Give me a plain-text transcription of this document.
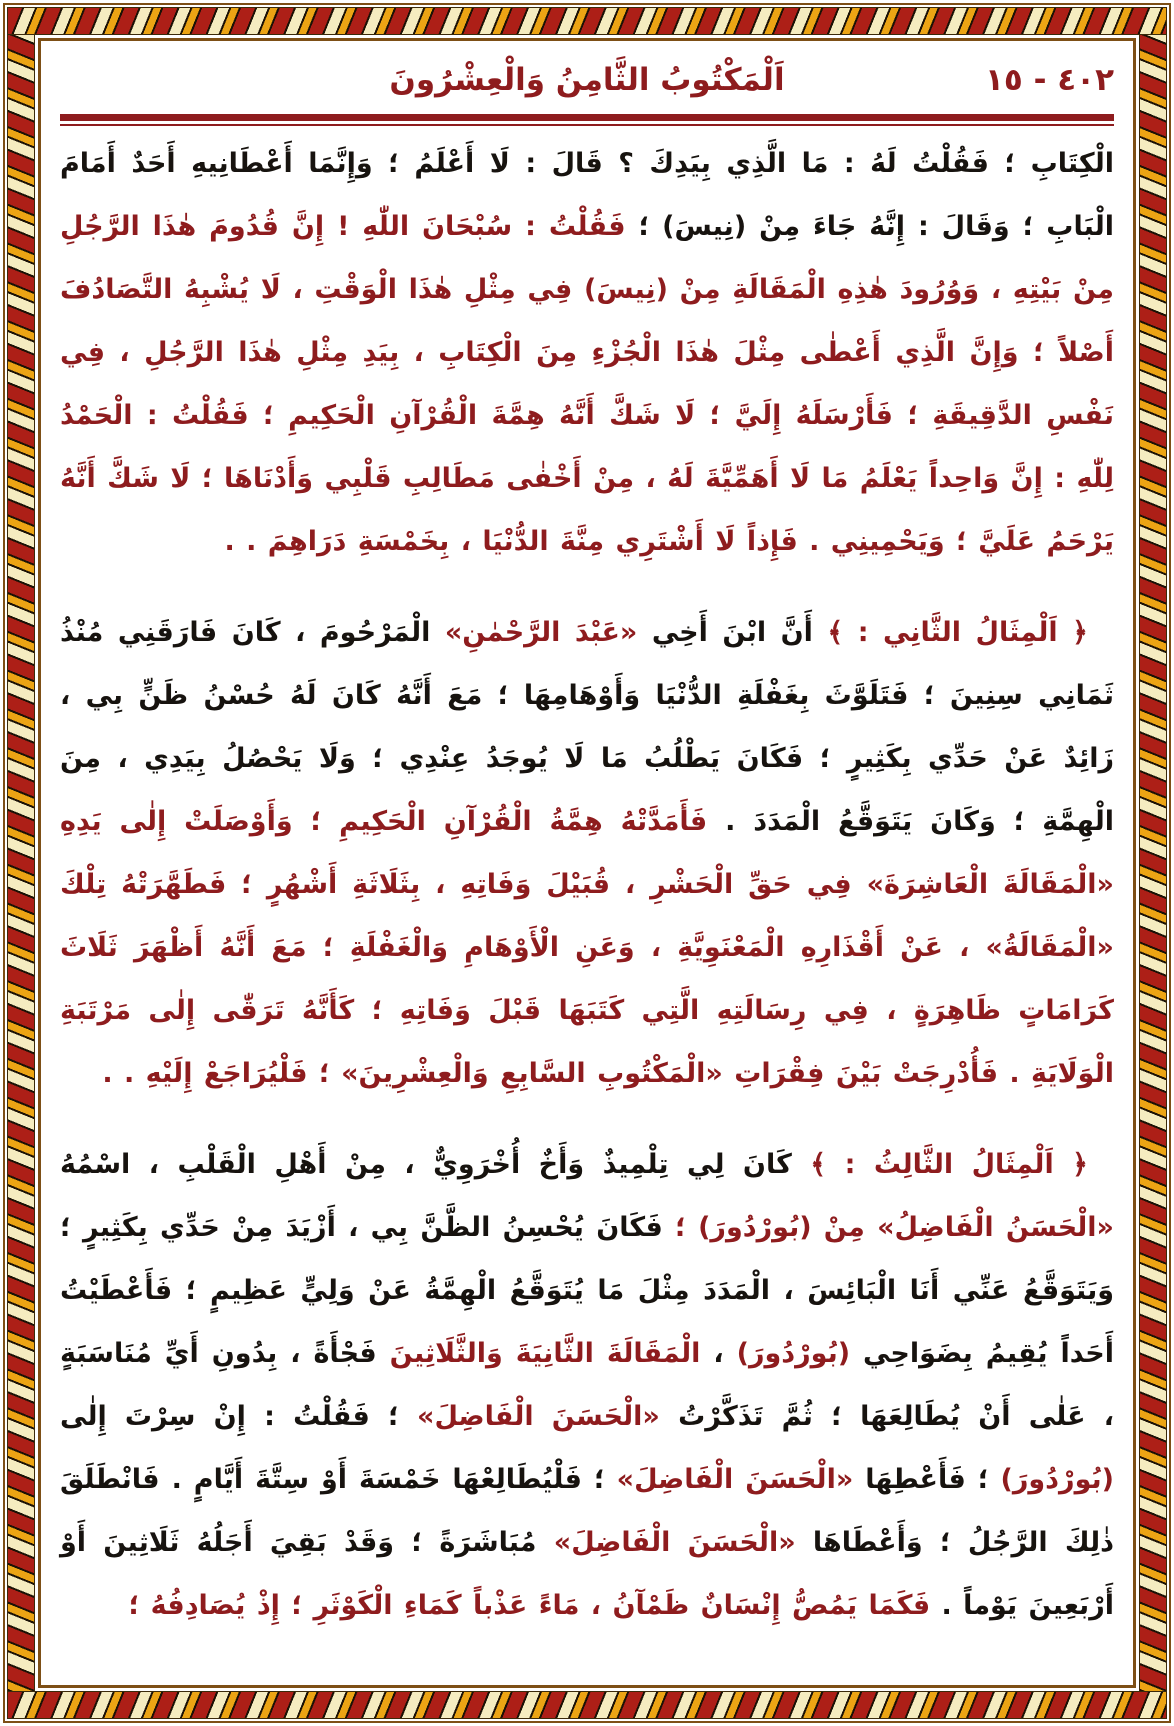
٤٠٢ - ١٥
اَلْمَكْتُوبُ الثَّامِنُ وَالْعِشْرُونَ

الْكِتَابِ ؛ فَقُلْتُ لَهُ : مَا الَّذِي بِيَدِكَ ؟ قَالَ : لَا أَعْلَمُ ؛ وَإِنَّمَا أَعْطَانِيهِ أَحَدٌ أَمَامَ الْبَابِ ؛ وَقَالَ : إِنَّهُ جَاءَ مِنْ (نِيسَ) ؛ فَقُلْتُ : سُبْحَانَ اللّٰهِ ! إِنَّ قُدُومَ هٰذَا الرَّجُلِ مِنْ بَيْتِهِ ، وَوُرُودَ هٰذِهِ الْمَقَالَةِ مِنْ (نِيسَ) فِي مِثْلِ هٰذَا الْوَقْتِ ، لَا يُشْبِهُ التَّصَادُفَ أَصْلاً ؛ وَإِنَّ الَّذِي أَعْطٰى مِثْلَ هٰذَا الْجُزْءِ مِنَ الْكِتَابِ ، بِيَدِ مِثْلِ هٰذَا الرَّجُلِ ، فِي نَفْسِ الدَّقِيقَةِ ؛ فَأَرْسَلَهُ إِلَيَّ ؛ لَا شَكَّ أَنَّهُ هِمَّةَ الْقُرْآنِ الْحَكِيمِ ؛ فَقُلْتُ : الْحَمْدُ لِلّٰهِ : إِنَّ وَاحِداً يَعْلَمُ مَا لَا أَهَمِّيَّةَ لَهُ ، مِنْ أَخْفٰى مَطَالِبِ قَلْبِي وَأَدْنَاهَا ؛ لَا شَكَّ أَنَّهُ يَرْحَمُ عَلَيَّ ؛ وَيَحْمِينِي . فَإِذاً لَا أَشْتَرِي مِنَّةَ الدُّنْيَا ، بِخَمْسَةِ دَرَاهِمَ . .

﴿ اَلْمِثَالُ الثَّانِي : ﴾ أَنَّ ابْنَ أَخِي «عَبْدَ الرَّحْمٰنِ» الْمَرْحُومَ ، كَانَ فَارَقَنِي مُنْذُ ثَمَانِي سِنِينَ ؛ فَتَلَوَّثَ بِغَفْلَةِ الدُّنْيَا وَأَوْهَامِهَا ؛ مَعَ أَنَّهُ كَانَ لَهُ حُسْنُ ظَنٍّ بِي ، زَائِدٌ عَنْ حَدِّي بِكَثِيرٍ ؛ فَكَانَ يَطْلُبُ مَا لَا يُوجَدُ عِنْدِي ؛ وَلَا يَحْصُلُ بِيَدِي ، مِنَ الْهِمَّةِ ؛ وَكَانَ يَتَوَقَّعُ الْمَدَدَ . فَأَمَدَّتْهُ هِمَّةُ الْقُرْآنِ الْحَكِيمِ ؛ وَأَوْصَلَتْ إِلٰى يَدِهِ «الْمَقَالَةَ الْعَاشِرَةَ» فِي حَقِّ الْحَشْرِ ، قُبَيْلَ وَفَاتِهِ ، بِثَلَاثَةِ أَشْهُرٍ ؛ فَطَهَّرَتْهُ تِلْكَ «الْمَقَالَةُ» ، عَنْ أَقْذَارِهِ الْمَعْنَوِيَّةِ ، وَعَنِ الْأَوْهَامِ وَالْغَفْلَةِ ؛ مَعَ أَنَّهُ أَظْهَرَ ثَلَاثَ كَرَامَاتٍ ظَاهِرَةٍ ، فِي رِسَالَتِهِ الَّتِي كَتَبَهَا قَبْلَ وَفَاتِهِ ؛ كَأَنَّهُ تَرَقّٰى إِلٰى مَرْتَبَةِ الْوَلَايَةِ . فَأُدْرِجَتْ بَيْنَ فِقْرَاتِ «الْمَكْتُوبِ السَّابِعِ وَالْعِشْرِينَ» ؛ فَلْيُرَاجَعْ إِلَيْهِ . .

﴿ اَلْمِثَالُ الثَّالِثُ : ﴾ كَانَ لِي تِلْمِيذٌ وَأَخٌ أُخْرَوِيٌّ ، مِنْ أَهْلِ الْقَلْبِ ، اسْمُهُ «الْحَسَنُ الْفَاضِلُ» مِنْ (بُورْدُورَ) ؛ فَكَانَ يُحْسِنُ الظَّنَّ بِي ، أَزْيَدَ مِنْ حَدِّي بِكَثِيرٍ ؛ وَيَتَوَقَّعُ عَنِّي أَنَا الْبَائِسَ ، الْمَدَدَ مِثْلَ مَا يُتَوَقَّعُ الْهِمَّةُ عَنْ وَلِيٍّ عَظِيمٍ ؛ فَأَعْطَيْتُ أَحَداً يُقِيمُ بِضَوَاحِي (بُورْدُورَ) ، الْمَقَالَةَ الثَّانِيَةَ وَالثَّلَاثِينَ فَجْأَةً ، بِدُونِ أَيِّ مُنَاسَبَةٍ ، عَلٰى أَنْ يُطَالِعَهَا ؛ ثُمَّ تَذَكَّرْتُ «الْحَسَنَ الْفَاضِلَ» ؛ فَقُلْتُ : إِنْ سِرْتَ إِلٰى (بُورْدُورَ) ؛ فَأَعْطِهَا «الْحَسَنَ الْفَاضِلَ» ؛ فَلْيُطَالِعْهَا خَمْسَةَ أَوْ سِتَّةَ أَيَّامٍ . فَانْطَلَقَ ذٰلِكَ الرَّجُلُ ؛ وَأَعْطَاهَا «الْحَسَنَ الْفَاضِلَ» مُبَاشَرَةً ؛ وَقَدْ بَقِيَ أَجَلُهُ ثَلَاثِينَ أَوْ أَرْبَعِينَ يَوْماً . فَكَمَا يَمُصُّ إِنْسَانٌ ظَمْآنُ ، مَاءً عَذْباً كَمَاءِ الْكَوْثَرِ ؛ إِذْ يُصَادِفُهُ ؛
